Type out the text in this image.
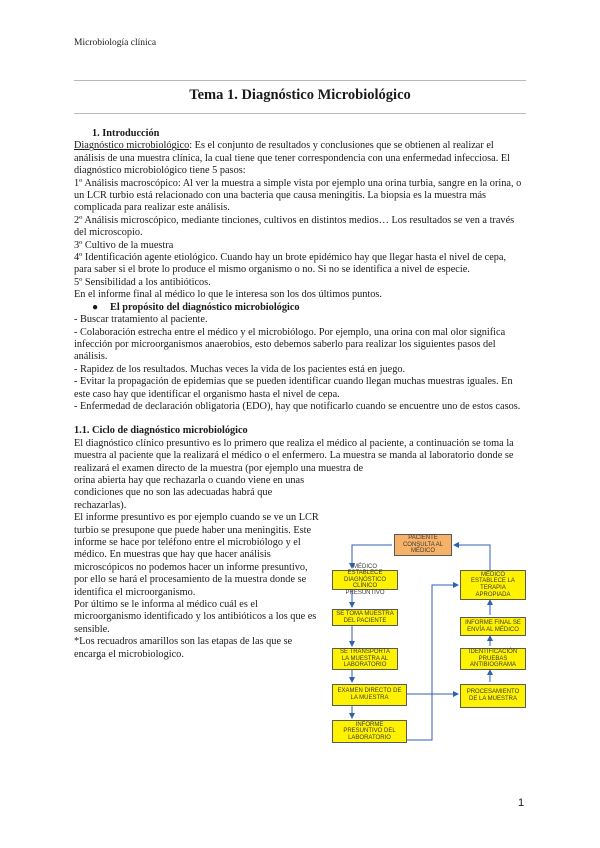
Microbiología clínica
Tema 1. Diagnóstico Microbiológico

1. Introducción

Diagnóstico microbiológico: Es el conjunto de resultados y conclusiones que se obtienen al realizar el análisis de una muestra clínica, la cual tiene que tener correspondencia con una enfermedad infecciosa. El diagnóstico microbiológico tiene 5 pasos:

1º Análisis macroscópico: Al ver la muestra a simple vista por ejemplo una orina turbia, sangre en la orina, o un LCR turbio está relacionado con una bacteria que causa meningitis. La biopsia es la muestra más complicada para realizar este análisis.

2º Análisis microscópico, mediante tinciones, cultivos en distintos medios… Los resultados se ven a través del microscopio.

3º Cultivo de la muestra

4º Identificación agente etiológico. Cuando hay un brote epidémico hay que llegar hasta el nivel de cepa, para saber si el brote lo produce el mismo organismo o no. Si no se identifica a nivel de especie.

5º Sensibilidad a los antibióticos.

En el informe final al médico lo que le interesa son los dos últimos puntos.

● El propósito del diagnóstico microbiológico

- Buscar tratamiento al paciente.

- Colaboración estrecha entre el médico y el microbiólogo. Por ejemplo, una orina con mal olor significa infección por microorganismos anaerobios, esto debemos saberlo para realizar los siguientes pasos del análisis.

- Rapidez de los resultados. Muchas veces la vida de los pacientes está en juego.

- Evitar la propagación de epidemias que se pueden identificar cuando llegan muchas muestras iguales. En este caso hay que identificar el organismo hasta el nivel de cepa.

- Enfermedad de declaración obligatoria (EDO), hay que notificarlo cuando se encuentre uno de estos casos.

1.1. Ciclo de diagnóstico microbiológico

El diagnóstico clínico presuntivo es lo primero que realiza el médico al paciente, a continuación se toma la muestra al paciente que la realizará el médico o el enfermero. La muestra se manda al laboratorio donde se realizará el examen directo de la muestra (por ejemplo una muestra de

orina abierta hay que rechazarla o cuando viene en unas condiciones que no son las adecuadas habrá que rechazarlas).

El informe presuntivo es por ejemplo cuando se ve un LCR turbio se presupone que puede haber una meningitis. Este informe se hace por teléfono entre el microbiólogo y el médico. En muestras que hay que hacer análisis microscópicos no podemos hacer un informe presuntivo, por ello se hará el procesamiento de la muestra donde se identifica el microorganismo.

Por último se le informa al médico cuál es el microorganismo identificado y los antibióticos a los que es sensible.

*Los recuadros amarillos son las etapas de las que se encarga el microbiologico.

PACIENTE CONSULTA AL MÉDICO
MÉDICO ESTABLECE DIAGNÓSTICO CLÍNICO PRESUNTIVO
SE TOMA MUESTRA DEL PACIENTE
SE TRANSPORTA LA MUESTRA AL LABORATORIO
EXAMEN DIRECTO DE LA MUESTRA
INFORME PRESUNTIVO DEL LABORATORIO
MÉDICO ESTABLECE LA TERAPIA APROPIADA
INFORME FINAL SE ENVÍA AL MÉDICO
IDENTIFICACIÓN PRUEBAS ANTIBIOGRAMA
PROCESAMIENTO DE LA MUESTRA
1
